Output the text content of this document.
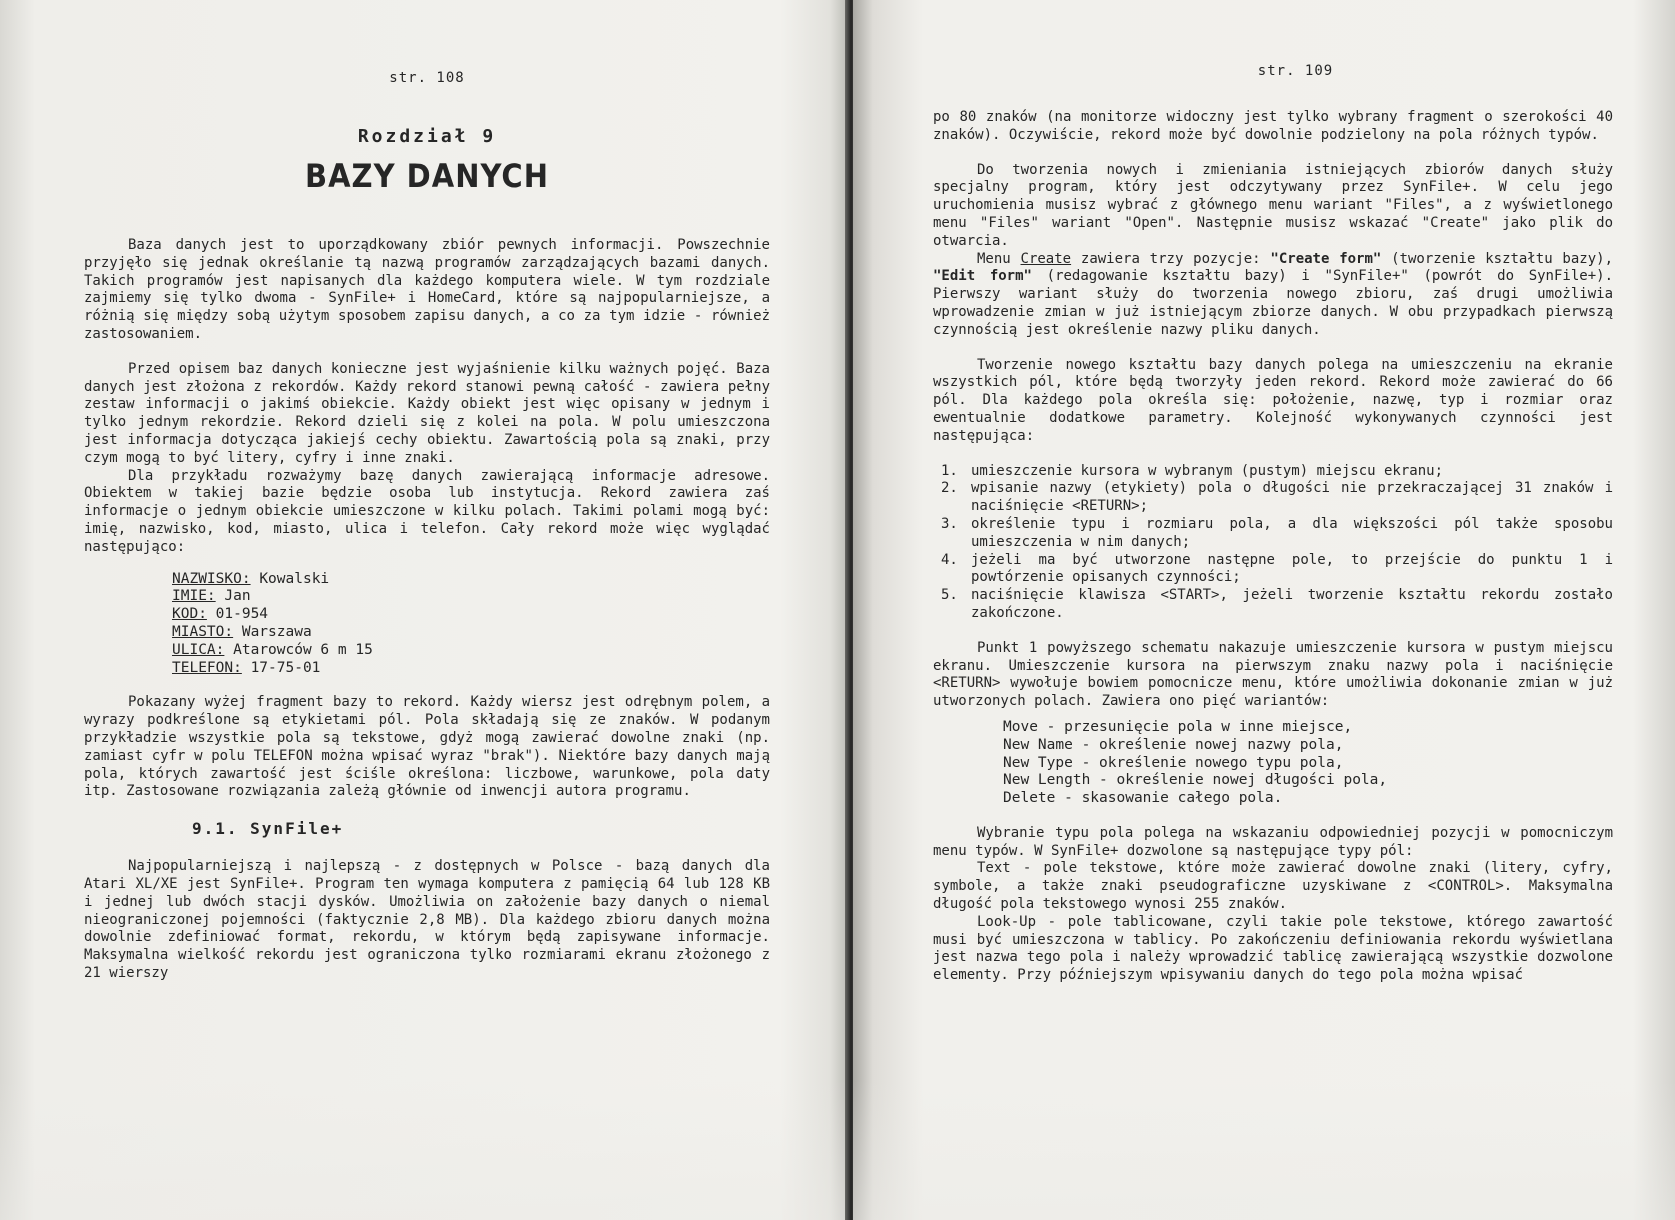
str. 108
Rozdział 9
BAZY DANYCH

Baza danych jest to uporządkowany zbiór pewnych informacji. Powszechnie przyjęło się jednak określanie tą nazwą programów zarządzających bazami danych. Takich programów jest napisanych dla każdego komputera wiele. W tym rozdziale zajmiemy się tylko dwoma - SynFile+ i HomeCard, które są najpopularniejsze, a różnią się między sobą użytym sposobem zapisu danych, a co za tym idzie - również zastosowaniem.

Przed opisem baz danych konieczne jest wyjaśnienie kilku ważnych pojęć. Baza danych jest złożona z rekordów. Każdy rekord stanowi pewną całość - zawiera pełny zestaw informacji o jakimś obiekcie. Każdy obiekt jest więc opisany w jednym i tylko jednym rekordzie. Rekord dzieli się z kolei na pola. W polu umieszczona jest informacja dotycząca jakiejś cechy obiektu. Zawartością pola są znaki, przy czym mogą to być litery, cyfry i inne znaki.

Dla przykładu rozważymy bazę danych zawierającą informacje adresowe. Obiektem w takiej bazie będzie osoba lub instytucja. Rekord zawiera zaś informacje o jednym obiekcie umieszczone w kilku polach. Takimi polami mogą być: imię, nazwisko, kod, miasto, ulica i telefon. Cały rekord może więc wyglądać następująco:

NAZWISKO: Kowalski
IMIE: Jan
KOD: 01-954
MIASTO: Warszawa
ULICA: Atarowców 6 m 15
TELEFON: 17-75-01

Pokazany wyżej fragment bazy to rekord. Każdy wiersz jest odrębnym polem, a wyrazy podkreślone są etykietami pól. Pola składają się ze znaków. W podanym przykładzie wszystkie pola są tekstowe, gdyż mogą zawierać dowolne znaki (np. zamiast cyfr w polu TELEFON można wpisać wyraz "brak"). Niektóre bazy danych mają pola, których zawartość jest ściśle określona: liczbowe, warunkowe, pola daty itp. Zastosowane rozwiązania zależą głównie od inwencji autora programu.

9.1. SynFile+

Najpopularniejszą i najlepszą - z dostępnych w Polsce - bazą danych dla Atari XL/XE jest SynFile+. Program ten wymaga komputera z pamięcią 64 lub 128 KB i jednej lub dwóch stacji dysków. Umożliwia on założenie bazy danych o niemal nieograniczonej pojemności (faktycznie 2,8 MB). Dla każdego zbioru danych można dowolnie zdefiniować format, rekordu, w którym będą zapisywane informacje. Maksymalna wielkość rekordu jest ograniczona tylko rozmiarami ekranu złożonego z 21 wierszy

str. 109

po 80 znaków (na monitorze widoczny jest tylko wybrany fragment o szerokości 40 znaków). Oczywiście, rekord może być dowolnie podzielony na pola różnych typów.

Do tworzenia nowych i zmieniania istniejących zbiorów danych służy specjalny program, który jest odczytywany przez SynFile+. W celu jego uruchomienia musisz wybrać z głównego menu wariant "Files", a z wyświetlonego menu "Files" wariant "Open". Następnie musisz wskazać "Create" jako plik do otwarcia.

Menu Create zawiera trzy pozycje: "Create form" (tworzenie kształtu bazy), "Edit form" (redagowanie kształtu bazy) i "SynFile+" (powrót do SynFile+). Pierwszy wariant służy do tworzenia nowego zbioru, zaś drugi umożliwia wprowadzenie zmian w już istniejącym zbiorze danych. W obu przypadkach pierwszą czynnością jest określenie nazwy pliku danych.

Tworzenie nowego kształtu bazy danych polega na umieszczeniu na ekranie wszystkich pól, które będą tworzyły jeden rekord. Rekord może zawierać do 66 pól. Dla każdego pola określa się: położenie, nazwę, typ i rozmiar oraz ewentualnie dodatkowe parametry. Kolejność wykonywanych czynności jest następująca:

1. umieszczenie kursora w wybranym (pustym) miejscu ekranu;
2. wpisanie nazwy (etykiety) pola o długości nie przekraczającej 31 znaków i naciśnięcie <RETURN>;
3. określenie typu i rozmiaru pola, a dla większości pól także sposobu umieszczenia w nim danych;
4. jeżeli ma być utworzone następne pole, to przejście do punktu 1 i powtórzenie opisanych czynności;
5. naciśnięcie klawisza <START>, jeżeli tworzenie kształtu rekordu zostało zakończone.

Punkt 1 powyższego schematu nakazuje umieszczenie kursora w pustym miejscu ekranu. Umieszczenie kursora na pierwszym znaku nazwy pola i naciśnięcie <RETURN> wywołuje bowiem pomocnicze menu, które umożliwia dokonanie zmian w już utworzonych polach. Zawiera ono pięć wariantów:

Move - przesunięcie pola w inne miejsce,
New Name - określenie nowej nazwy pola,
New Type - określenie nowego typu pola,
New Length - określenie nowej długości pola,
Delete - skasowanie całego pola.

Wybranie typu pola polega na wskazaniu odpowiedniej pozycji w pomocniczym menu typów. W SynFile+ dozwolone są następujące typy pól:

Text - pole tekstowe, które może zawierać dowolne znaki (litery, cyfry, symbole, a także znaki pseudograficzne uzyskiwane z <CONTROL>. Maksymalna długość pola tekstowego wynosi 255 znaków.

Look-Up - pole tablicowane, czyli takie pole tekstowe, którego zawartość musi być umieszczona w tablicy. Po zakończeniu definiowania rekordu wyświetlana jest nazwa tego pola i należy wprowadzić tablicę zawierającą wszystkie dozwolone elementy. Przy późniejszym wpisywaniu danych do tego pola można wpisać
